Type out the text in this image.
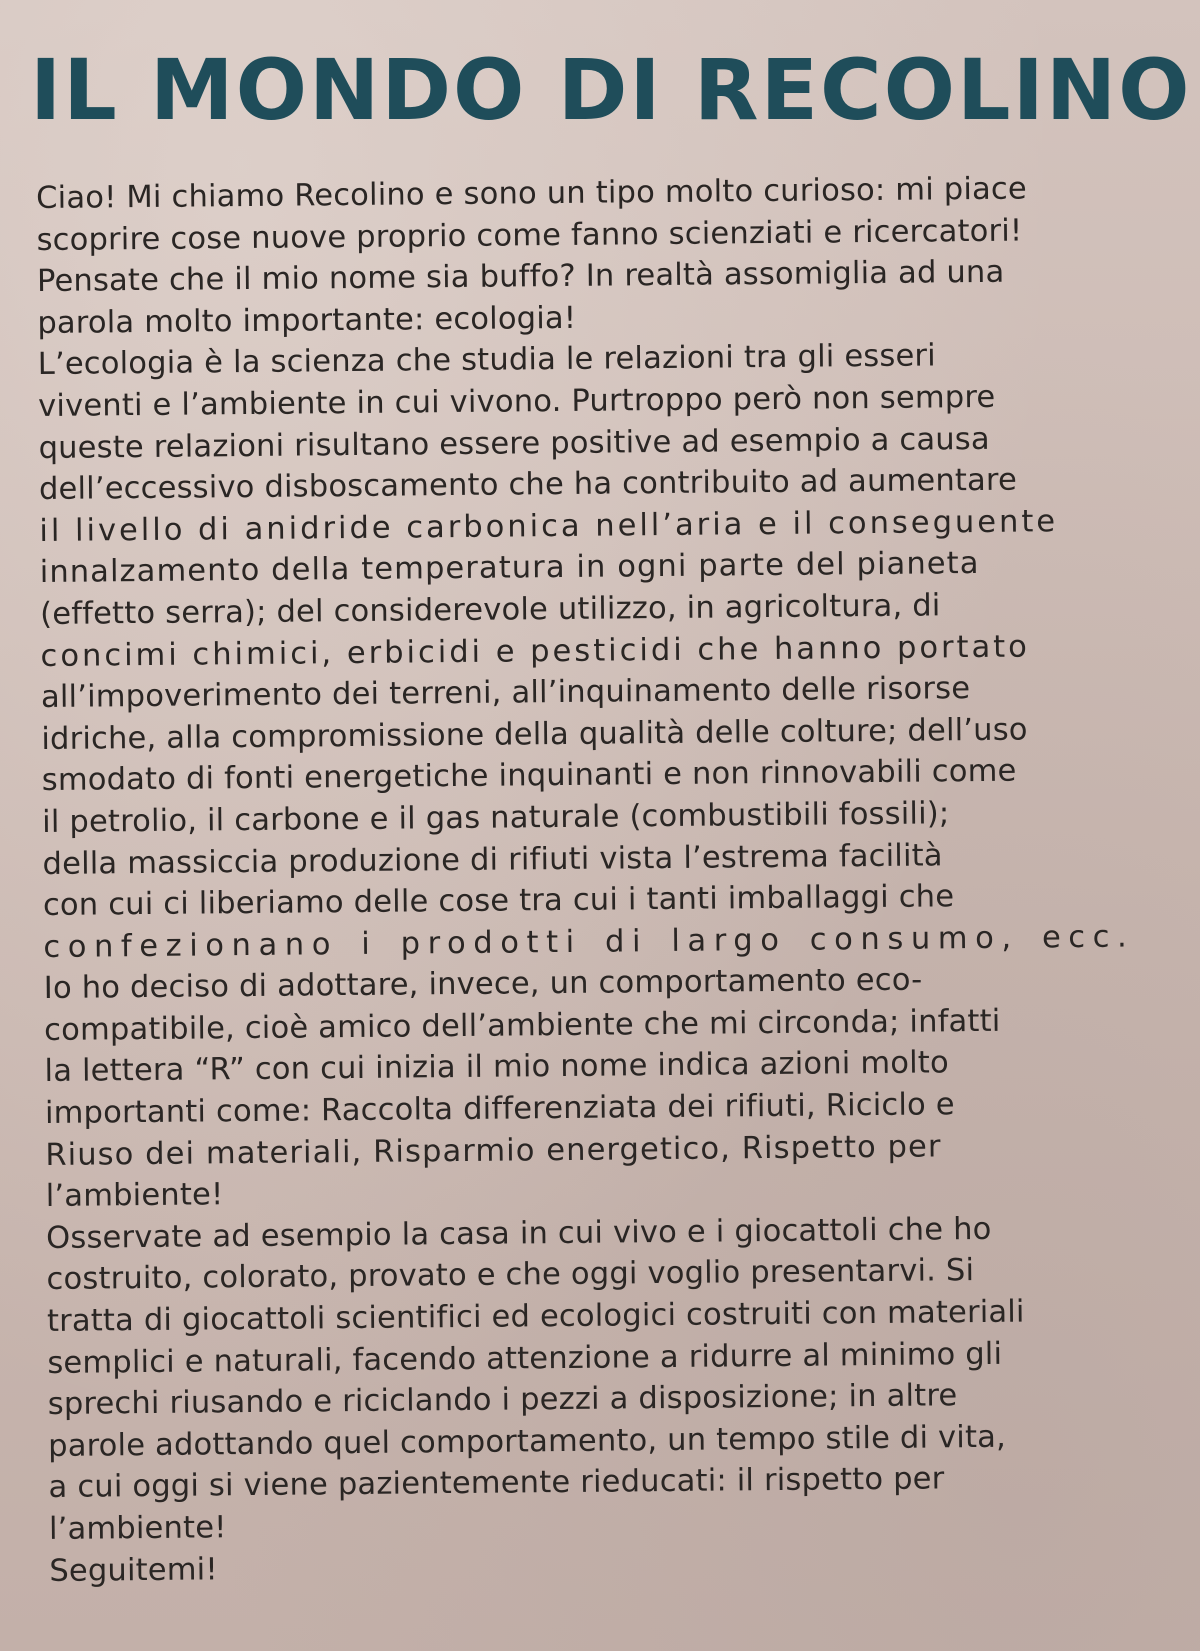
IL MONDO DI RECOLINO
Ciao! Mi chiamo Recolino e sono un tipo molto curioso: mi piace
scoprire cose nuove proprio come fanno scienziati e ricercatori!
Pensate che il mio nome sia buffo? In realtà assomiglia ad una
parola molto importante: ecologia!
L’ecologia è la scienza che studia le relazioni tra gli esseri
viventi e l’ambiente in cui vivono. Purtroppo però non sempre
queste relazioni risultano essere positive ad esempio a causa
dell’eccessivo disboscamento che ha contribuito ad aumentare
il livello di anidride carbonica nell’aria e il conseguente
innalzamento della temperatura in ogni parte del pianeta
(effetto serra); del considerevole utilizzo, in agricoltura, di
concimi chimici, erbicidi e pesticidi che hanno portato
all’impoverimento dei terreni, all’inquinamento delle risorse
idriche, alla compromissione della qualità delle colture; dell’uso
smodato di fonti energetiche inquinanti e non rinnovabili come
il petrolio, il carbone e il gas naturale (combustibili fossili);
della massiccia produzione di rifiuti vista l’estrema facilità
con cui ci liberiamo delle cose tra cui i tanti imballaggi che
confezionano i prodotti di largo consumo, ecc.
Io ho deciso di adottare, invece, un comportamento eco-
compatibile, cioè amico dell’ambiente che mi circonda; infatti
la lettera “R” con cui inizia il mio nome indica azioni molto
importanti come: Raccolta differenziata dei rifiuti, Riciclo e
Riuso dei materiali, Risparmio energetico, Rispetto per
l’ambiente!
Osservate ad esempio la casa in cui vivo e i giocattoli che ho
costruito, colorato, provato e che oggi voglio presentarvi. Si
tratta di giocattoli scientifici ed ecologici costruiti con materiali
semplici e naturali, facendo attenzione a ridurre al minimo gli
sprechi riusando e riciclando i pezzi a disposizione; in altre
parole adottando quel comportamento, un tempo stile di vita,
a cui oggi si viene pazientemente rieducati: il rispetto per
l’ambiente!
Seguitemi!
